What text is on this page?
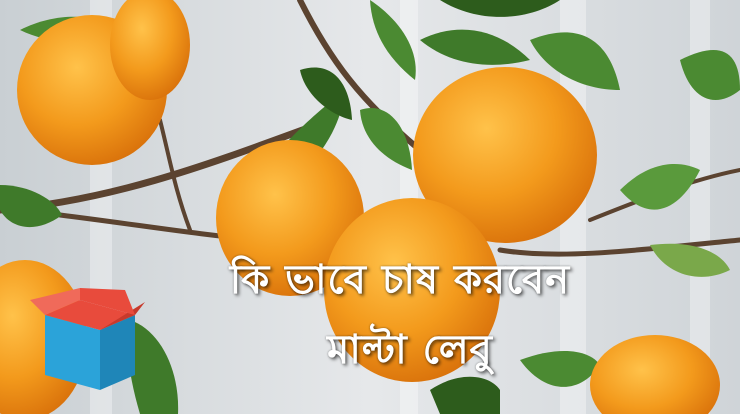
কি ভাবে চাষ করবেন
মাল্টা লেবু
